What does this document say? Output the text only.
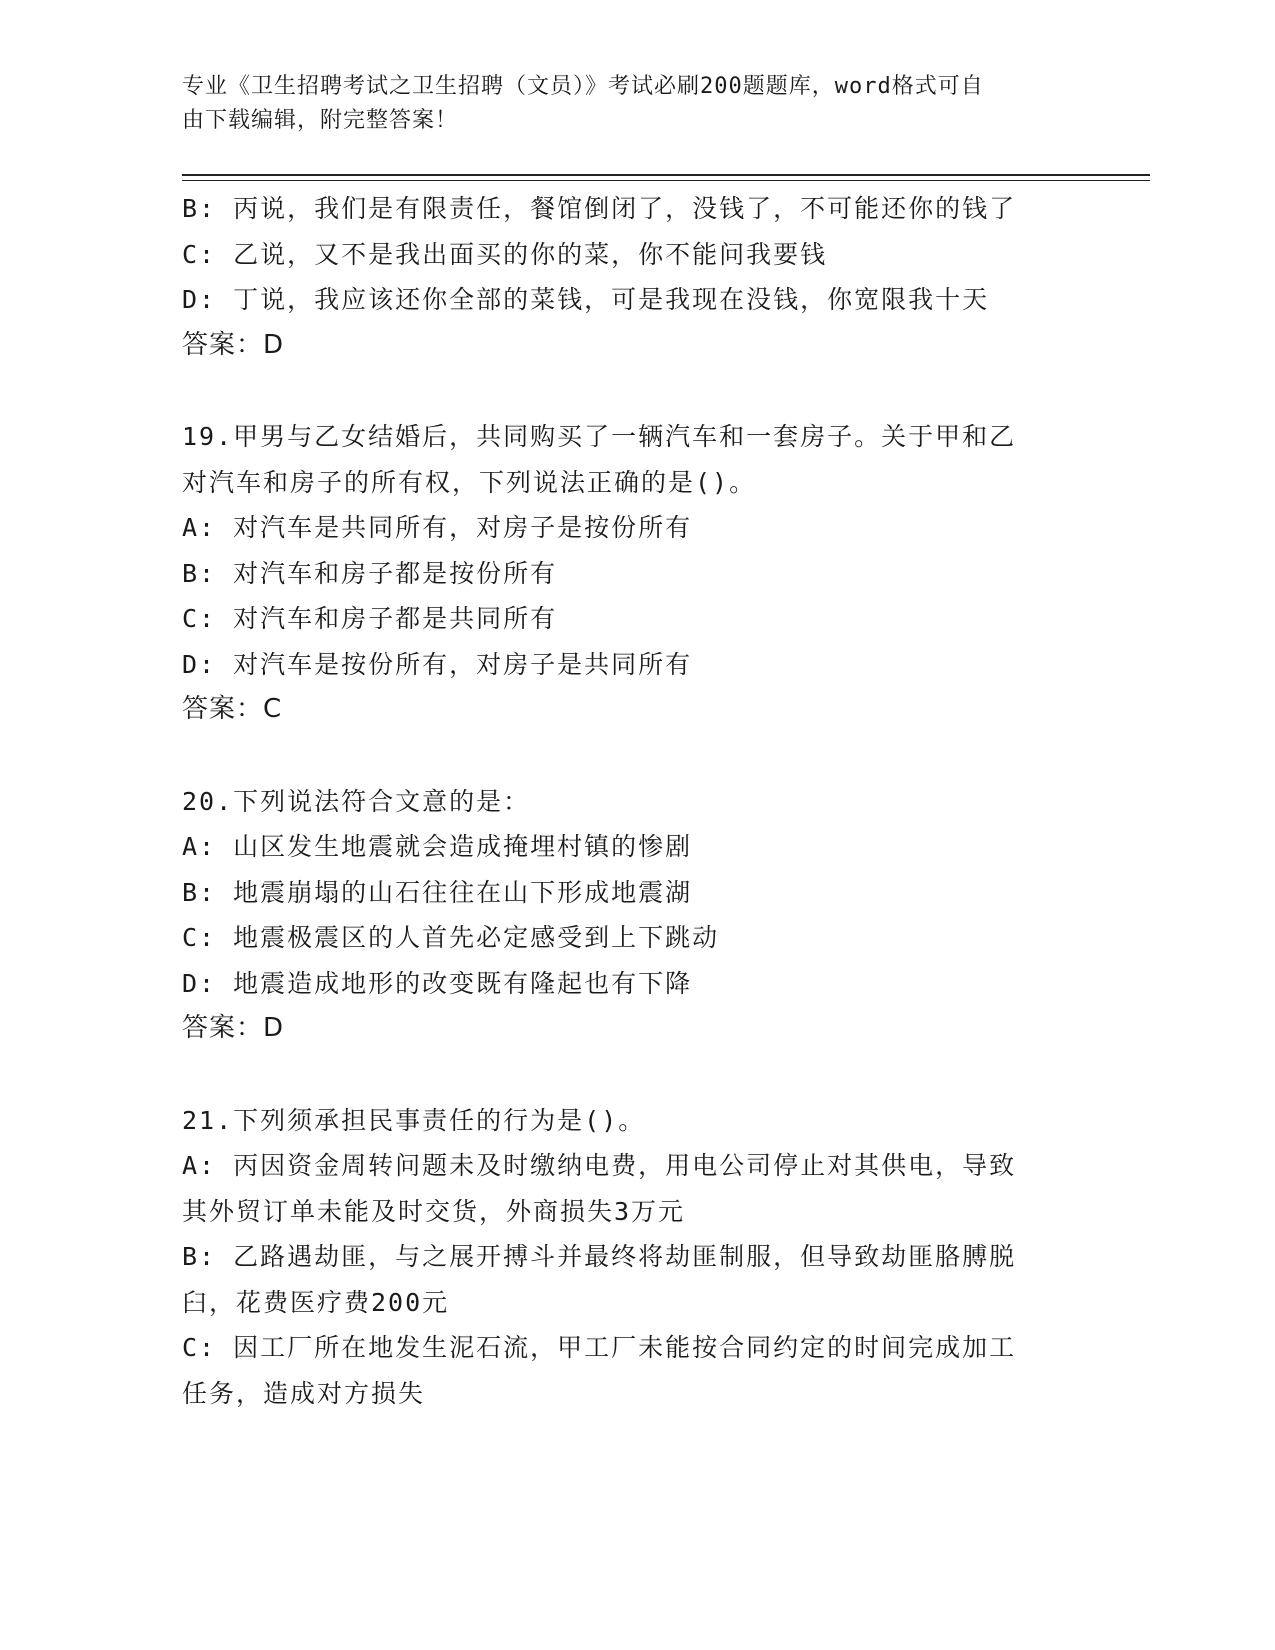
专业《卫生招聘考试之卫生招聘（文员）》考试必刷200题题库，word格式可自
由下载编辑，附完整答案！
B: 丙说，我们是有限责任，餐馆倒闭了，没钱了，不可能还你的钱了
C: 乙说，又不是我出面买的你的菜，你不能问我要钱
D: 丁说，我应该还你全部的菜钱，可是我现在没钱，你宽限我十天
答案：D
19.甲男与乙女结婚后，共同购买了一辆汽车和一套房子。关于甲和乙
对汽车和房子的所有权，下列说法正确的是()。
A: 对汽车是共同所有，对房子是按份所有
B: 对汽车和房子都是按份所有
C: 对汽车和房子都是共同所有
D: 对汽车是按份所有，对房子是共同所有
答案：C
20.下列说法符合文意的是：
A: 山区发生地震就会造成掩埋村镇的惨剧
B: 地震崩塌的山石往往在山下形成地震湖
C: 地震极震区的人首先必定感受到上下跳动
D: 地震造成地形的改变既有隆起也有下降
答案：D
21.下列须承担民事责任的行为是()。
A: 丙因资金周转问题未及时缴纳电费，用电公司停止对其供电，导致
其外贸订单未能及时交货，外商损失3万元
B: 乙路遇劫匪，与之展开搏斗并最终将劫匪制服，但导致劫匪胳膊脱
臼，花费医疗费200元
C: 因工厂所在地发生泥石流，甲工厂未能按合同约定的时间完成加工
任务，造成对方损失
